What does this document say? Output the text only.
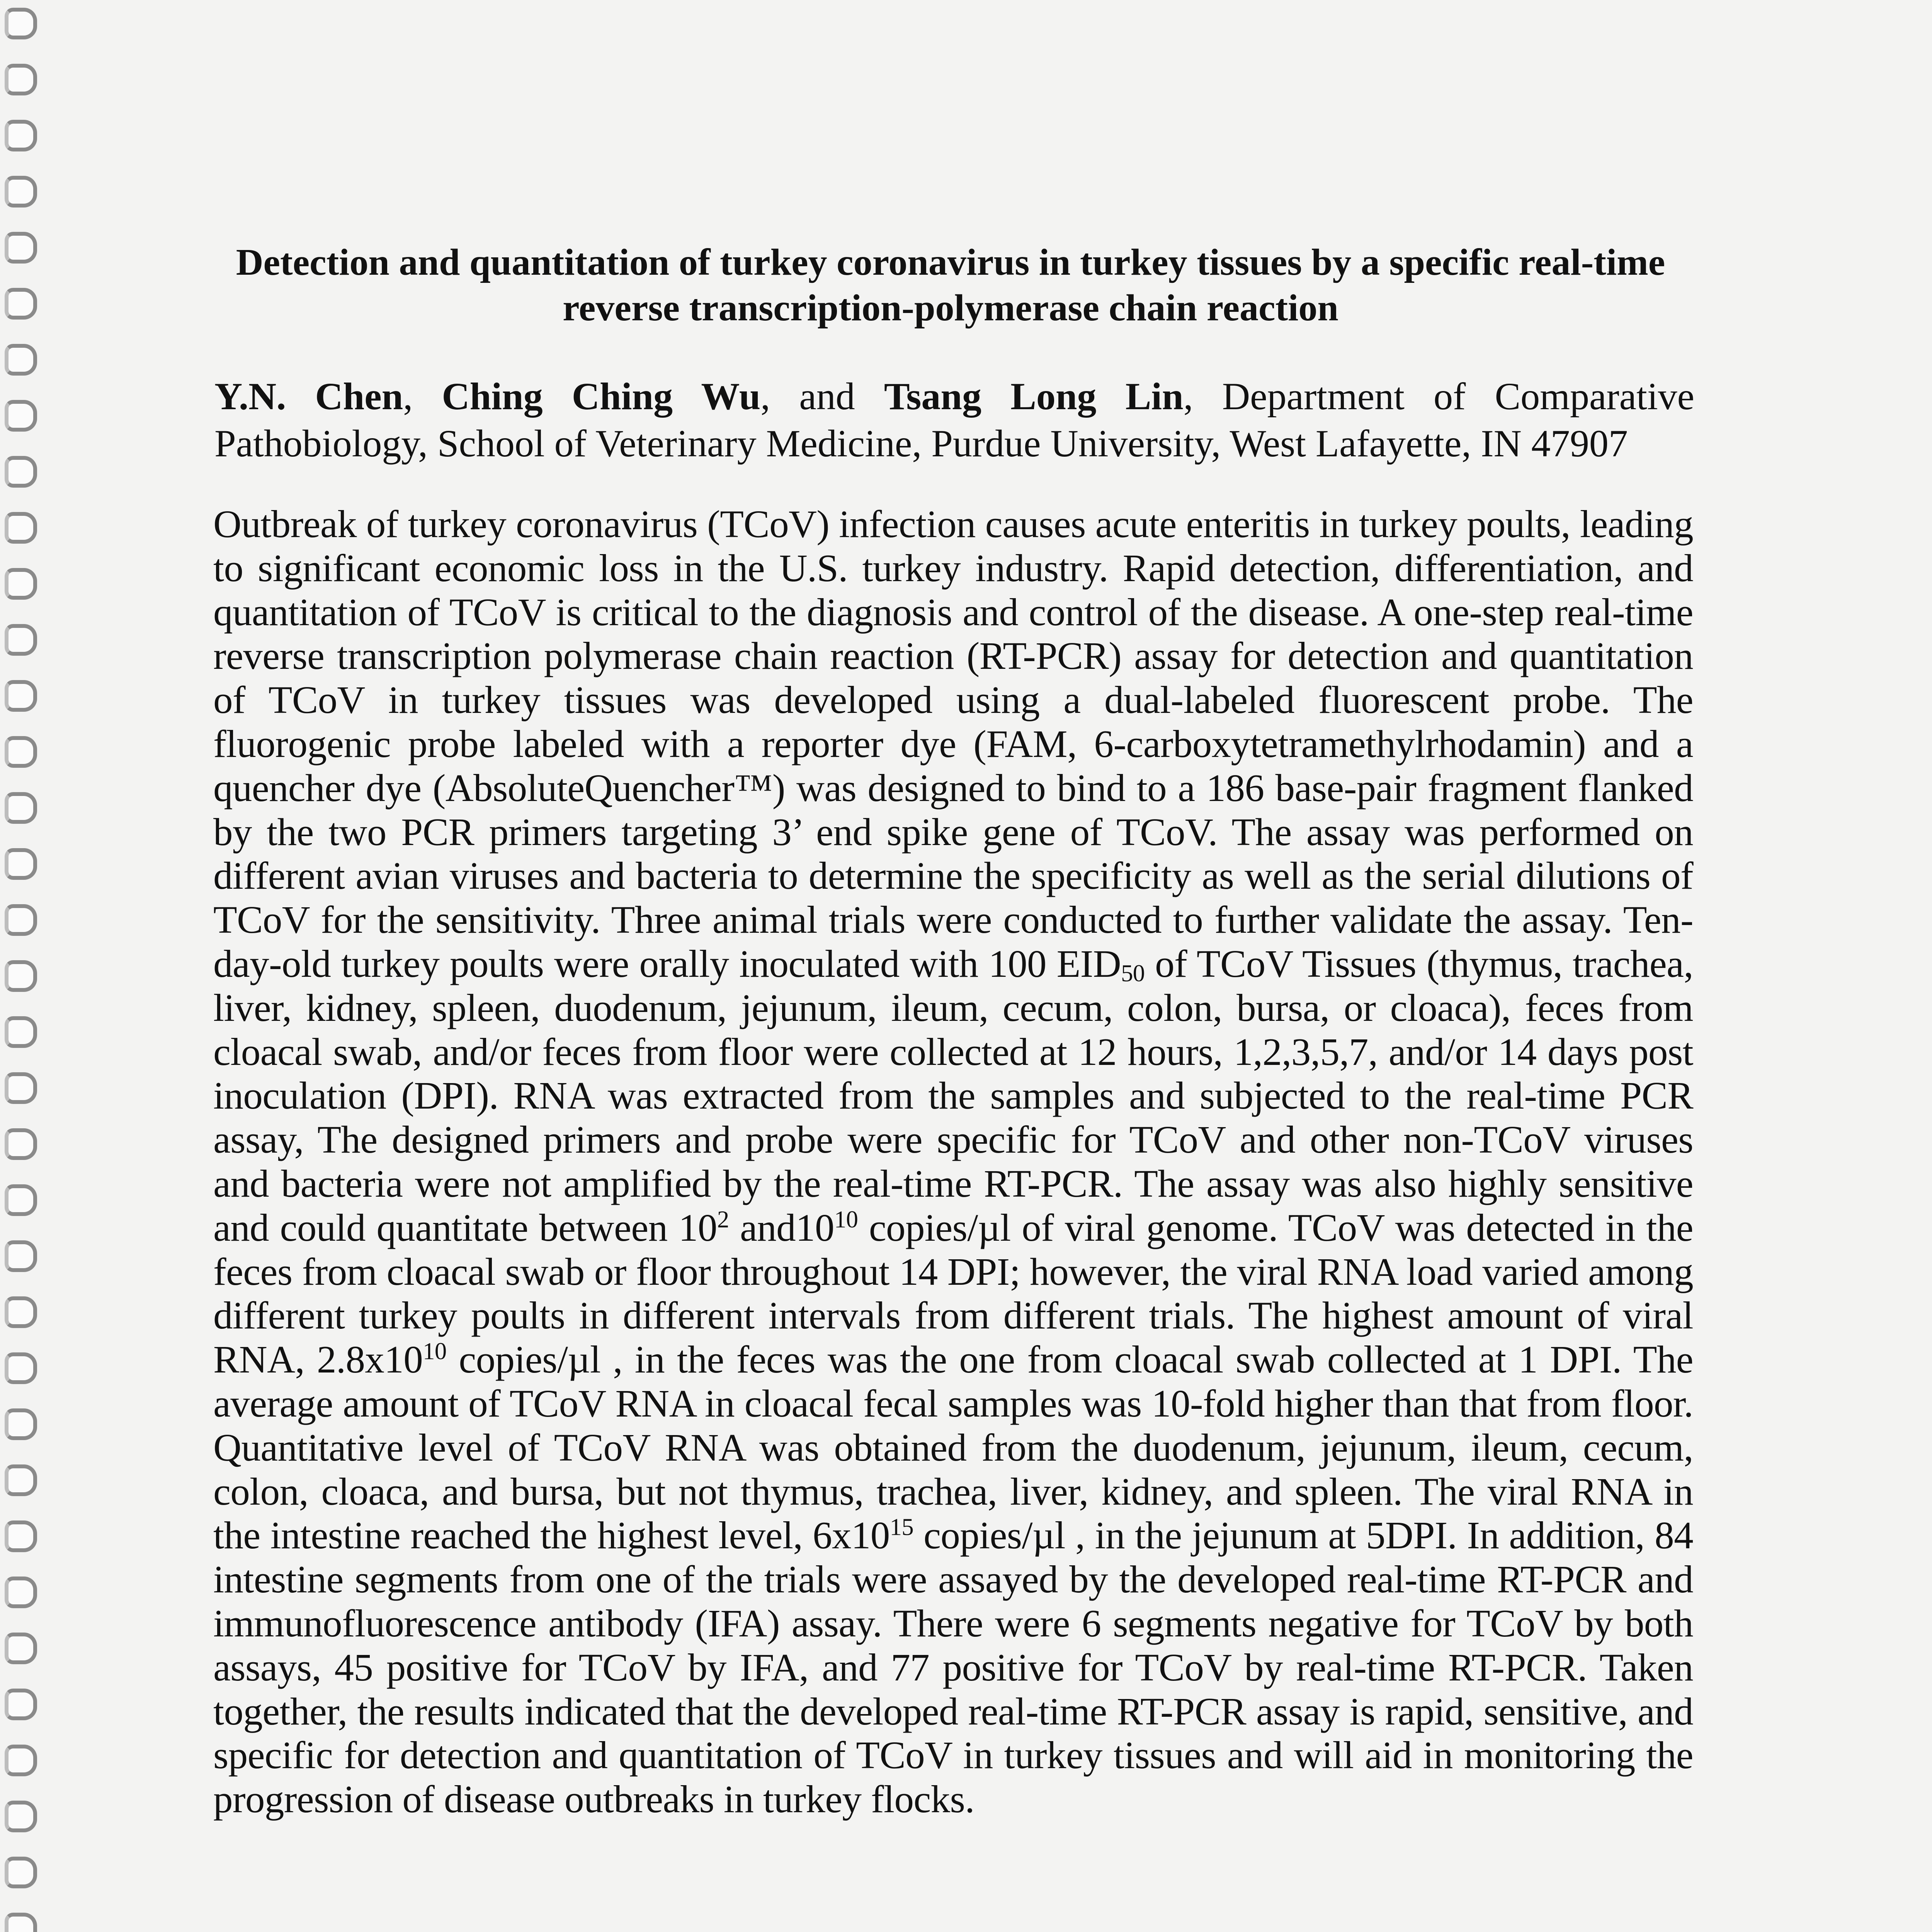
Detection and quantitation of turkey coronavirus in turkey tissues by a specific real-time
reverse transcription-polymerase chain reaction
Y.N. Chen, Ching Ching Wu, and Tsang Long Lin, Department of Comparative Pathobiology, School of Veterinary Medicine, Purdue University, West Lafayette, IN 47907

Outbreak of turkey coronavirus (TCoV) infection causes acute enteritis in turkey poults, leading to significant economic loss in the U.S. turkey industry. Rapid detection, differentiation, and quantitation of TCoV is critical to the diagnosis and control of the disease. A one-step real-time reverse transcription polymerase chain reaction (RT-PCR) assay for detection and quantitation of TCoV in turkey tissues was developed using a dual-labeled fluorescent probe. The fluorogenic probe labeled with a reporter dye (FAM, 6-carboxytetramethylrhodamin) and a quencher dye (AbsoluteQuencher™) was designed to bind to a 186 base-pair fragment flanked by the two PCR primers targeting 3’ end spike gene of TCoV. The assay was performed on different avian viruses and bacteria to determine the specificity as well as the serial dilutions of TCoV for the sensitivity. Three animal trials were conducted to further validate the assay. Ten-day-old turkey poults were orally inoculated with 100 $EID_{50}$ of TCoV Tissues (thymus, trachea, liver, kidney, spleen, duodenum, jejunum, ileum, cecum, colon, bursa, or cloaca), feces from cloacal swab, and/or feces from floor were collected at 12 hours, 1,2,3,5,7, and/or 14 days post inoculation (DPI). RNA was extracted from the samples and subjected to the real-time PCR assay, The designed primers and probe were specific for TCoV and other non-TCoV viruses and bacteria were not amplified by the real-time RT-PCR. The assay was also highly sensitive and could quantitate between $10^2$ $and10^{10}$ copies/µl of viral genome. TCoV was detected in the feces from cloacal swab or floor throughout 14 DPI; however, the viral RNA load varied among different turkey poults in different intervals from different trials. The highest amount of viral RNA, $2.8x10^{10}$ copies/µl , in the feces was the one from cloacal swab collected at 1 DPI. The average amount of TCoV RNA in cloacal fecal samples was 10-fold higher than that from floor. Quantitative level of TCoV RNA was obtained from the duodenum, jejunum, ileum, cecum, colon, cloaca, and bursa, but not thymus, trachea, liver, kidney, and spleen. The viral RNA in the intestine reached the highest level, $6x10^{15}$ copies/µl , in the jejunum at 5DPI. In addition, 84 intestine segments from one of the trials were assayed by the developed real-time RT-PCR and immunofluorescence antibody (IFA) assay. There were 6 segments negative for TCoV by both assays, 45 positive for TCoV by IFA, and 77 positive for TCoV by real-time RT-PCR. Taken together, the results indicated that the developed real-time RT-PCR assay is rapid, sensitive, and specific for detection and quantitation of TCoV in turkey tissues and will aid in monitoring the progression of disease outbreaks in turkey flocks.
